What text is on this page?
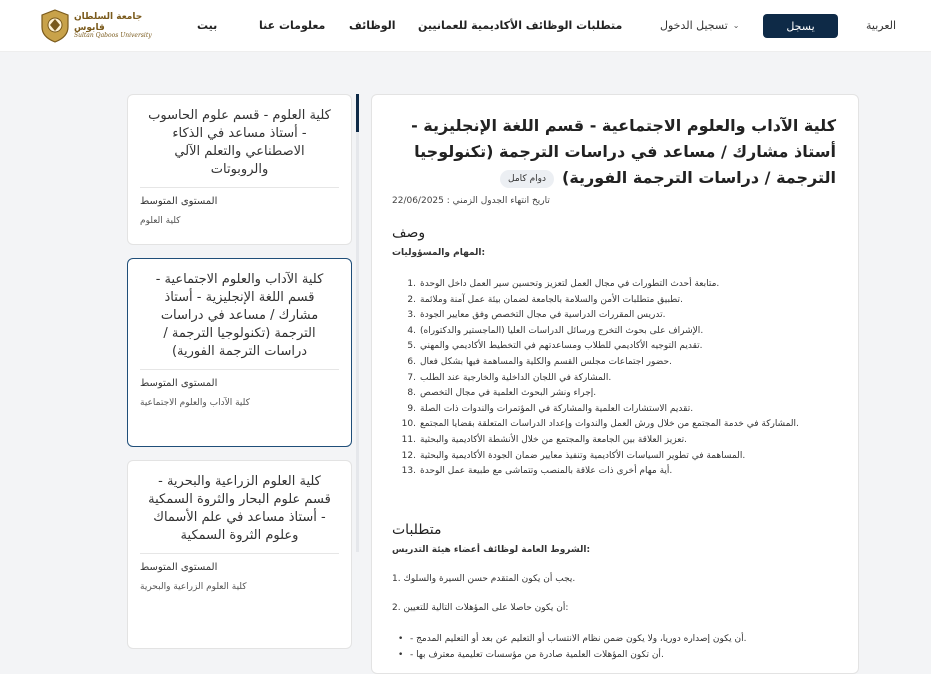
جامعة السلطان قابوس
Sultan Qaboos University
بيت	معلومات عنا الوظائف متطلبات الوظائف الأكاديمية للعمانيين	تسجيل الدخول ⌄	يسجل	العربية
كلية العلوم - قسم علوم الحاسوب - أستاذ مساعد في الذكاء الاصطناعي والتعلم الآلي والروبوتات
المستوى المتوسط
كلية العلوم
كلية الآداب والعلوم الاجتماعية - قسم اللغة الإنجليزية - أستاذ مشارك / مساعد في دراسات الترجمة (تكنولوجيا الترجمة / دراسات الترجمة الفورية)
المستوى المتوسط
كلية الآداب والعلوم الاجتماعية
كلية العلوم الزراعية والبحرية - قسم علوم البحار والثروة السمكية - أستاذ مساعد في علم الأسماك وعلوم الثروة السمكية
المستوى المتوسط
كلية العلوم الزراعية والبحرية
كلية الآداب والعلوم الاجتماعية - قسم اللغة الإنجليزية - أستاذ مشارك / مساعد في دراسات الترجمة (تكنولوجيا الترجمة / دراسات الترجمة الفورية)دوام كامل
تاريخ انتهاء الجدول الزمني : 22/06/2025
وصف
المهام والمسؤوليات:
1. متابعة أحدث التطورات في مجال العمل لتعزيز وتحسين سير العمل داخل الوحدة.
2. تطبيق متطلبات الأمن والسلامة بالجامعة لضمان بيئة عمل آمنة وملائمة.
3. تدريس المقررات الدراسية في مجال التخصص وفق معايير الجودة.
4. الإشراف على بحوث التخرج ورسائل الدراسات العليا (الماجستير والدكتوراه).
5. تقديم التوجيه الأكاديمي للطلاب ومساعدتهم في التخطيط الأكاديمي والمهني.
6. حضور اجتماعات مجلس القسم والكلية والمساهمة فيها بشكل فعال.
7. المشاركة في اللجان الداخلية والخارجية عند الطلب.
8. إجراء ونشر البحوث العلمية في مجال التخصص.
9. تقديم الاستشارات العلمية والمشاركة في المؤتمرات والندوات ذات الصلة.
10. المشاركة في خدمة المجتمع من خلال ورش العمل والندوات وإعداد الدراسات المتعلقة بقضايا المجتمع.
11. تعزيز العلاقة بين الجامعة والمجتمع من خلال الأنشطة الأكاديمية والبحثية.
12. المساهمة في تطوير السياسات الأكاديمية وتنفيذ معايير ضمان الجودة الأكاديمية والبحثية.
13. أية مهام أخرى ذات علاقة بالمنصب وتتماشى مع طبيعة عمل الوحدة.
متطلبات
الشروط العامة لوظائف أعضاء هيئة التدريس:
1. يجب أن يكون المتقدم حسن السيرة والسلوك.
2. أن يكون حاصلا على المؤهلات التالية للتعيين:
• - أن يكون إصداره دوريا، ولا يكون ضمن نظام الانتساب أو التعليم عن بعد أو التعليم المدمج.
• - أن تكون المؤهلات العلمية صادرة من مؤسسات تعليمية معترف بها.
